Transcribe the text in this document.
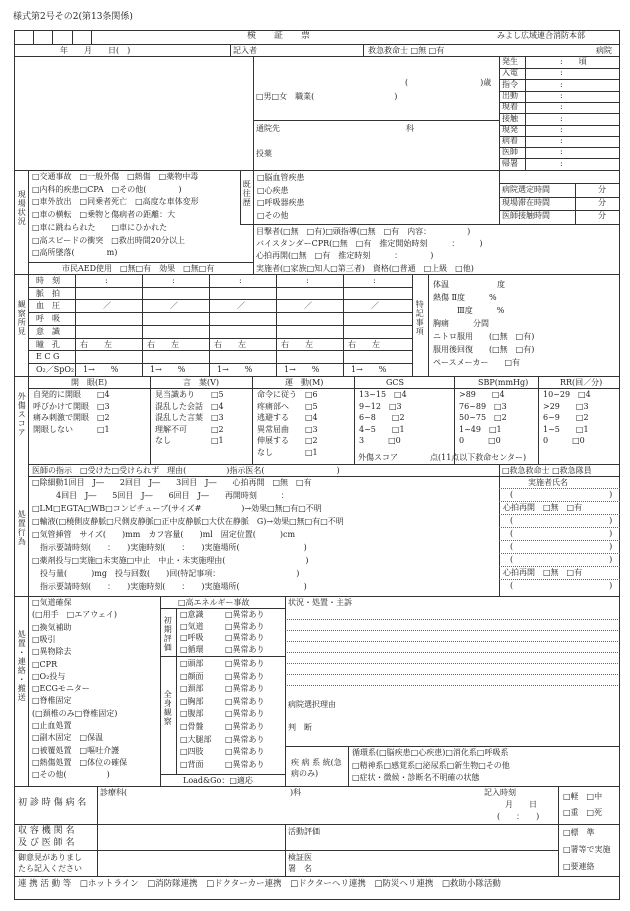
様式第2号その2(第13条関係)
検　　証　　票	みよし広域連合消防本部
年　　月　　日(　)	記入者	救急救命士 □無 □有	病院
(　　　　　　　　　)歳
□男□女　職業(　　　　　　　　　　)
通院先	科
投薬
現場状況	既往歴
市民AED使用　□無□有　効果　□無□有	実施者(□家族□知人□第三者)　資格(□普通　□上級　□他)
観察所見	特記事項
外傷スコア
処置行為
医師の指示　□受けた□受けられず　理由(　　　　　)指示医名(　　　　　　　　　)	□救急救命士 □救急隊員
実施者氏名
処置・連絡・搬送
□高エネルギー事故
初期評価
全身観察
Load&Go：□適応
状況・処置・主訴
病院選択理由
判　断
疾 病 系 統(急病のみ)
初 診 時 傷 病 名
診療科(	)科	記入時刻
月　　日
(　　：　　)
□軽　□中
□重　□死
収 容 機 関 名
及 び 医 師 名
活動評価	□標　準
□署等で実施
□要連絡
御意見がありまし
たら記入ください
検証医
署　名
連 携 活 動 等　□ホットライン　□消防隊連携　□ドクターカー連携　□ドクターヘリ連携　□防災ヘリ連携　□救助小隊活動
発生	:　　頃
入電	:
指令	:
出動	:
現着	:
接触	:
現発	:
病着	:
医師	:
帰署	:
病院選定時間	分
現場滞在時間	分
医師接触時間	分
□交通事故　□一般外傷　□熱傷　□薬物中毒
□内科的疾患□CPA　□その他(　　　　)
□車外放出　□同乗者死亡　□高度な車体変形
□車の横転　□乗物と傷病者の距離：大
□車に跳ねられた　　□車にひかれた
□高スピードの衝突　□救出時間20分以上
□高所墜落(　　　　m)
□脳血管疾患
□心疾患
□呼吸器疾患
□その他
目撃者(□無　□有)□頭指導(□無　□有　内容：　　　　　)
バイスタンダーCPR(□無　□有　推定開始時刻　　　：　　　)
心拍再開(□無　□有　推定時刻　　　：　　　　)
時　刻	:	:	:	:	:
脈　拍
血　圧	／	／	／	／	／
呼　吸
意　識
瞳　孔	右　　左	右　　左	右　　左	右　　左	右　　左
E C G
O₂／SpO₂ 1→　　%	1→　　%	1→　　%	1→　　%	1→　　%
体温　　　　　　度
熱傷 Ⅱ度　　　%
　　　Ⅲ度　　　%
胸痛　　　分間
ニトロ服用　　(□無　□有)
服用後回復　　(□無　□有)
ペースメーカー　　□有
開　眼(E)
自発的に開眼　　□4
呼びかけて開眼　□3
痛み刺激で開眼　□2
開眼しない　　　□1
言　葉(V)
見当識あり　　□5
混乱した会話　□4
混乱した言葉　□3
理解不可　　　□2
なし　　　　　□1
運　動(M)
命令に従う　□6
疼痛部へ　　□5
逃避する　　□4
異常屈曲　　□3
伸展する　　□2
なし　　　　□1
GCS
13~15　□4
9~12　□3
6~8　　□2
4~5　　□1
3　　　□0
SBP(mmHg)
>89　　□4
76~89　□3
50~75　□2
1~49　□1
0　　　□0
RR(回／分)
10~29　□4
>29　　□3
6~9　　□2
1~5　　□1
0　　　□0
外傷スコア　　　　点(11点以下救命センター)
□除細動1回目　J―　　2回目　J―　　3回目　J―　　心拍再開　□無　□有
　　　4回目　J―　　5回目　J―　　6回目　J―　　再開時刻　　　：
□LM□EGTA□WB□コンビチューブ(サイズ#　　　　　)→効果□無□有□不明
□輸液(□橈側皮静脈□尺側皮静脈□正中皮静脈□大伏在静脈　G)→効果□無□有□不明
□気管挿管　サイズ(　　)mm　カフ容量(　　)ml　固定位置(　　　)cm
　指示要請時刻(　　：　　)実施時刻(　　：　　)実施場所(　　　　　　　　)
□薬剤投与□実施□未実施□中止　中止・未実施理由(　　　　　　　　　　)
　投与量(　　　)mg　投与回数(　　)回(特記事項：　　　　　　　　　　)
　指示要請時刻(　　：　　)実施時刻(　　：　　)実施場所(　　　　　　　　)
(　　　　　　　　　　　　)
心拍再開　□無　□有
(　　　　　　　　　　　　)
(　　　　　　　　　　　　)
(　　　　　　　　　　　　)
(　　　　　　　　　　　　)
心拍再開　□無　□有
(　　　　　　　　　　　　)
□気道確保
(□用手　□エアウェイ)
□換気補助
□吸引
□異物除去
□CPR
□O₂投与
□ECGモニター
□脊椎固定
(□頚椎のみ□脊椎固定)
□止血処置
□副木固定　□保温
□被覆処置　□嘔吐介護
□熱傷処置　□体位の確保
□その他(　　　　　)
□意識	□異常あり
□気道	□異常あり
□呼吸	□異常あり
□循環	□異常あり
□頭部	□異常あり
□顔面	□異常あり
□頚部	□異常あり
□胸部	□異常あり
□腹部	□異常あり
□骨盤	□異常あり
□大腿部 □異常あり
□四肢	□異常あり
□背面	□異常あり
循環系(□脳疾患□心疾患)□消化系□呼吸系
□精神系□感覚系□泌尿系□新生物□その他
□症状・徴候・診断名不明確の状態
